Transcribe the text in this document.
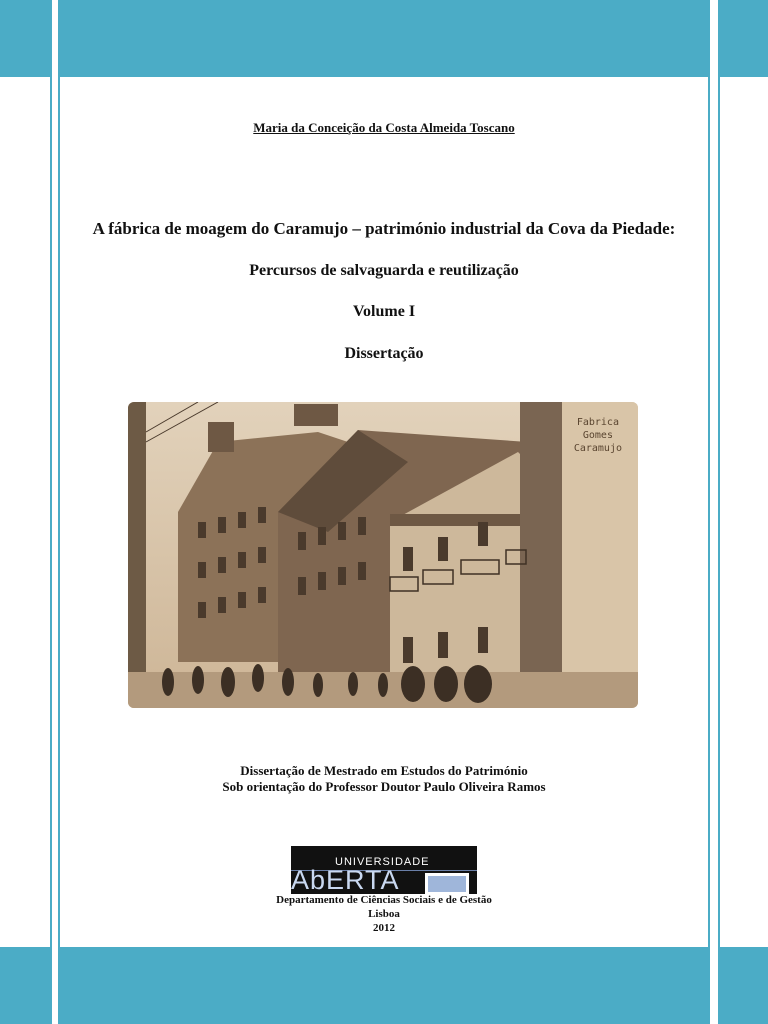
Maria da Conceição da Costa Almeida Toscano
A fábrica de moagem do Caramujo – património industrial da Cova da Piedade:
Percursos de salvaguarda e reutilização
Volume I
Dissertação
Fabrica
Gomes
Caramujo
Dissertação de Mestrado em Estudos do Património
Sob orientação do Professor Doutor Paulo Oliveira Ramos
UNIVERSIDADE
AbERTA
Departamento de Ciências Sociais e de Gestão
Lisboa
2012
